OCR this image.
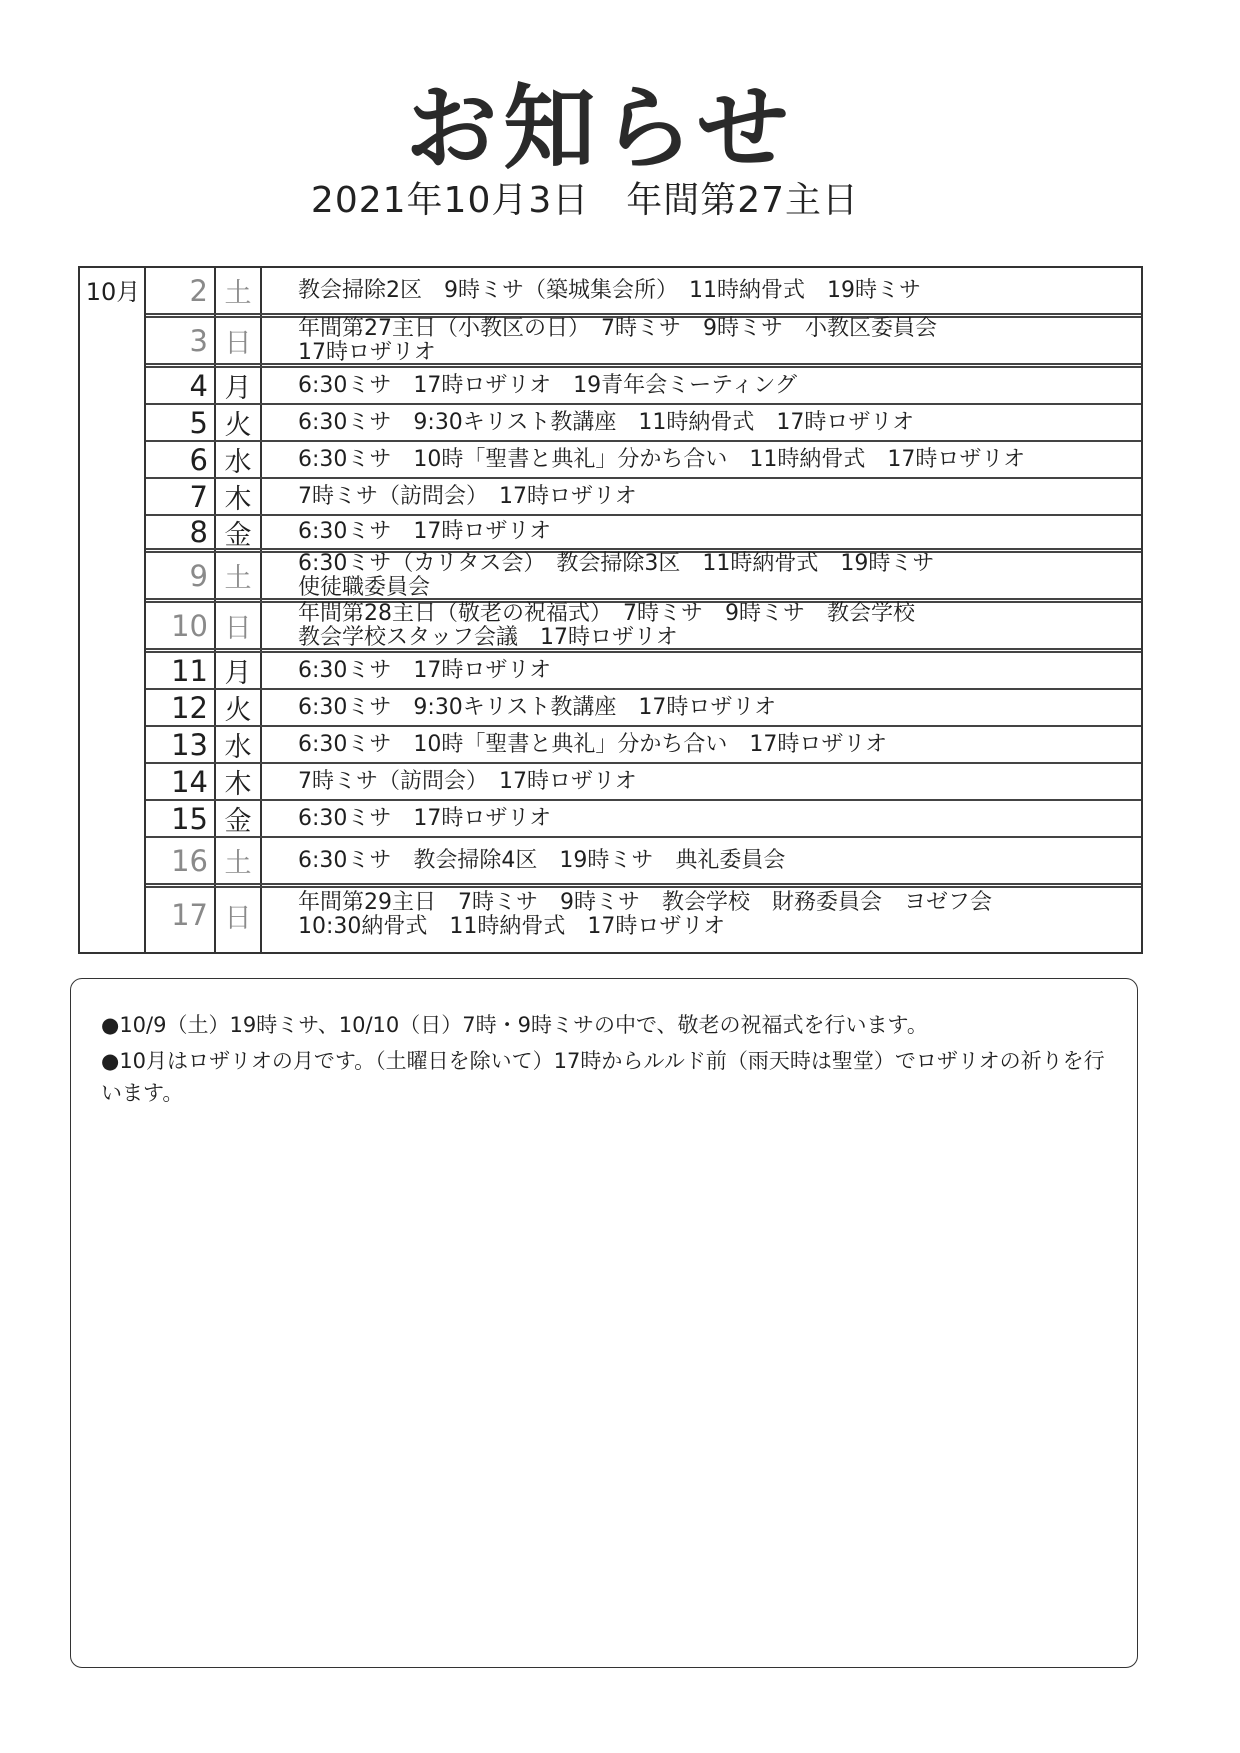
お知らせ
2021年10月3日　年間第27主日
10月	2 土	教会掃除2区　9時ミサ（築城集会所）　11時納骨式　19時ミサ
3 日	年間第27主日（小教区の日）　7時ミサ　9時ミサ　小教区委員会
17時ロザリオ
4 月	6:30ミサ　17時ロザリオ　19青年会ミーティング
5 火	6:30ミサ　9:30キリスト教講座　11時納骨式　17時ロザリオ
6 水	6:30ミサ　10時「聖書と典礼」分かち合い　11時納骨式　17時ロザリオ
7 木	7時ミサ（訪問会）　17時ロザリオ
8 金	6:30ミサ　17時ロザリオ
9 土	6:30ミサ（カリタス会）　教会掃除3区　11時納骨式　19時ミサ
使徒職委員会
10 日	年間第28主日（敬老の祝福式）　7時ミサ　9時ミサ　教会学校
教会学校スタッフ会議　17時ロザリオ
11 月	6:30ミサ　17時ロザリオ
12 火	6:30ミサ　9:30キリスト教講座　17時ロザリオ
13 水	6:30ミサ　10時「聖書と典礼」分かち合い　17時ロザリオ
14 木	7時ミサ（訪問会）　17時ロザリオ
15 金	6:30ミサ　17時ロザリオ
16 土	6:30ミサ　教会掃除4区　19時ミサ　典礼委員会
17 日	年間第29主日　7時ミサ　9時ミサ　教会学校　財務委員会　ヨゼフ会
10:30納骨式　11時納骨式　17時ロザリオ

●10/9（土）19時ミサ、10/10（日）7時・9時ミサの中で、敬老の祝福式を行います。

●10月はロザリオの月です。（土曜日を除いて）17時からルルド前（雨天時は聖堂）でロザリオの祈りを行います。
